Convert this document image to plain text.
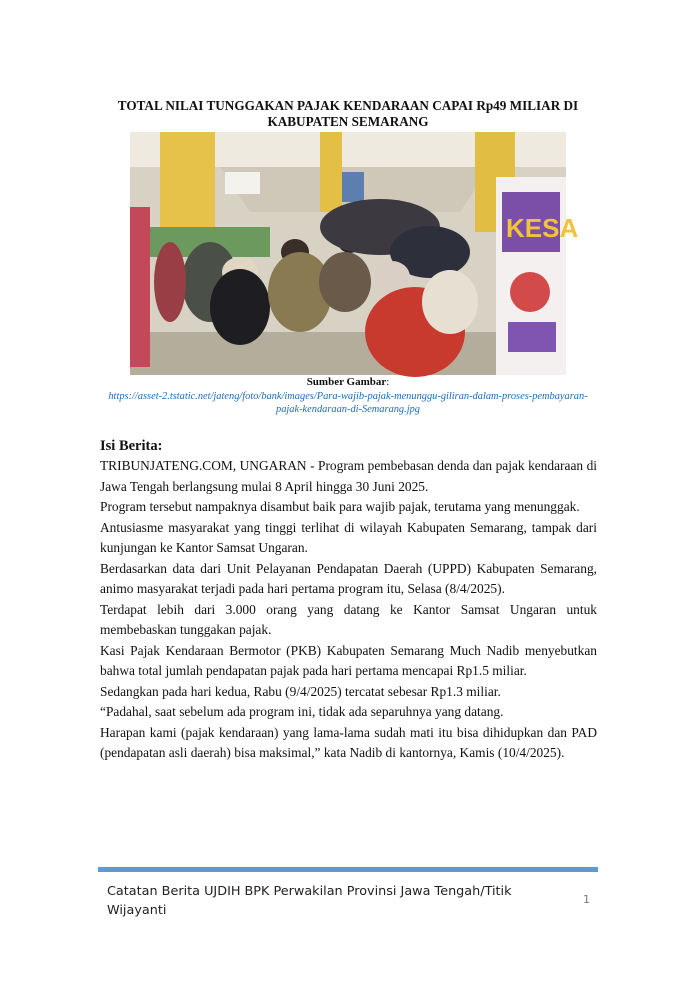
TOTAL NILAI TUNGGAKAN PAJAK KENDARAAN CAPAI Rp49 MILIAR DI KABUPATEN SEMARANG
KESA
Sumber Gambar:
https://asset-2.tstatic.net/jateng/foto/bank/images/Para-wajib-pajak-menunggu-giliran-dalam-proses-pembayaran-pajak-kendaraan-di-Semarang.jpg
Isi Berita:

TRIBUNJATENG.COM, UNGARAN - Program pembebasan denda dan pajak kendaraan di Jawa Tengah berlangsung mulai 8 April hingga 30 Juni 2025.

Program tersebut nampaknya disambut baik para wajib pajak, terutama yang menunggak.

Antusiasme masyarakat yang tinggi terlihat di wilayah Kabupaten Semarang, tampak dari kunjungan ke Kantor Samsat Ungaran.

Berdasarkan data dari Unit Pelayanan Pendapatan Daerah (UPPD) Kabupaten Semarang, animo masyarakat terjadi pada hari pertama program itu, Selasa (8/4/2025).

Terdapat lebih dari 3.000 orang yang datang ke Kantor Samsat Ungaran untuk membebaskan tunggakan pajak.

Kasi Pajak Kendaraan Bermotor (PKB) Kabupaten Semarang Much Nadib menyebutkan bahwa total jumlah pendapatan pajak pada hari pertama mencapai Rp1.5 miliar.

Sedangkan pada hari kedua, Rabu (9/4/2025) tercatat sebesar Rp1.3 miliar.

“Padahal, saat sebelum ada program ini, tidak ada separuhnya yang datang.

Harapan kami (pajak kendaraan) yang lama-lama sudah mati itu bisa dihidupkan dan PAD (pendapatan asli daerah) bisa maksimal,” kata Nadib di kantornya, Kamis (10/4/2025).

Catatan Berita UJDIH BPK Perwakilan Provinsi Jawa Tengah/Titik Wijayanti
1
